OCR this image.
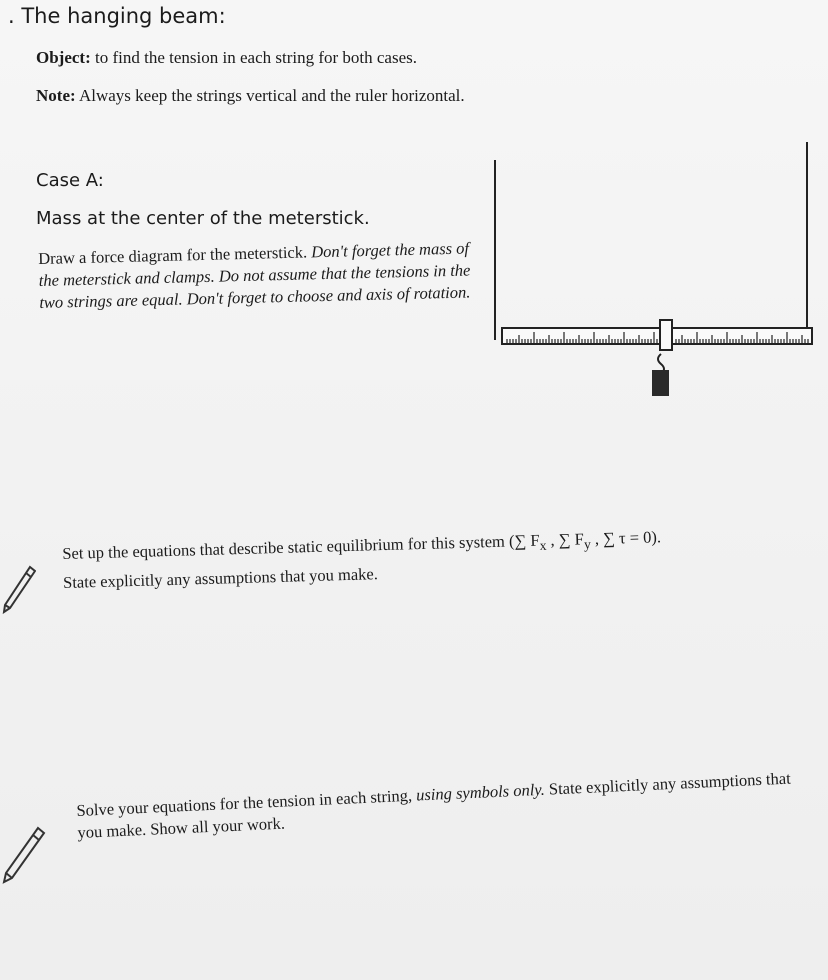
. The hanging beam:
Object: to find the tension in each string for both cases.
Note: Always keep the strings vertical and the ruler horizontal.
Case A:
Mass at the center of the meterstick.
Draw a force diagram for the meterstick. Don't forget the mass of the meterstick and clamps. Do not assume that the tensions in the two strings are equal. Don't forget to choose and axis of rotation.
Set up the equations that describe static equilibrium for this system (∑ $F_x$ , ∑ $F_y$ , ∑ τ = 0).
State explicitly any assumptions that you make.
Solve your equations for the tension in each string, using symbols only. State explicitly any assumptions that you make. Show all your work.
